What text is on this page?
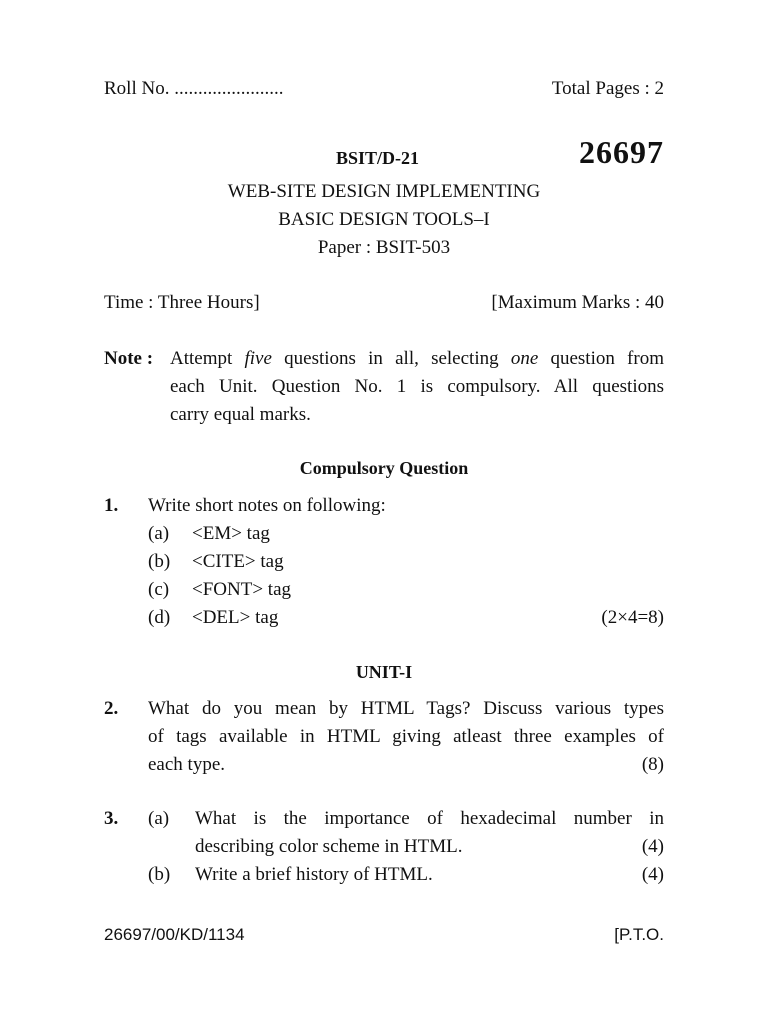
Roll No. .......................	Total Pages : 2
BSIT/D-21	26697
WEB-SITE DESIGN IMPLEMENTING
BASIC DESIGN TOOLS–I
Paper : BSIT-503
Time : Three Hours]	[Maximum Marks : 40
Note : Attempt five questions in all, selecting one question from
each Unit. Question No. 1 is compulsory. All questions
carry equal marks.
Compulsory Question
1. Write short notes on following:
(a) <EM> tag
(b) <CITE> tag
(c) <FONT> tag
(d) <DEL> tag	(2×4=8)
UNIT-I
2. What do you mean by HTML Tags? Discuss various types
of tags available in HTML giving atleast three examples of
each type.	(8)
3. (a) What is the importance of hexadecimal number in
describing color scheme in HTML.	(4)
(b) Write a brief history of HTML.	(4)
26697/00/KD/1134	[P.T.O.
